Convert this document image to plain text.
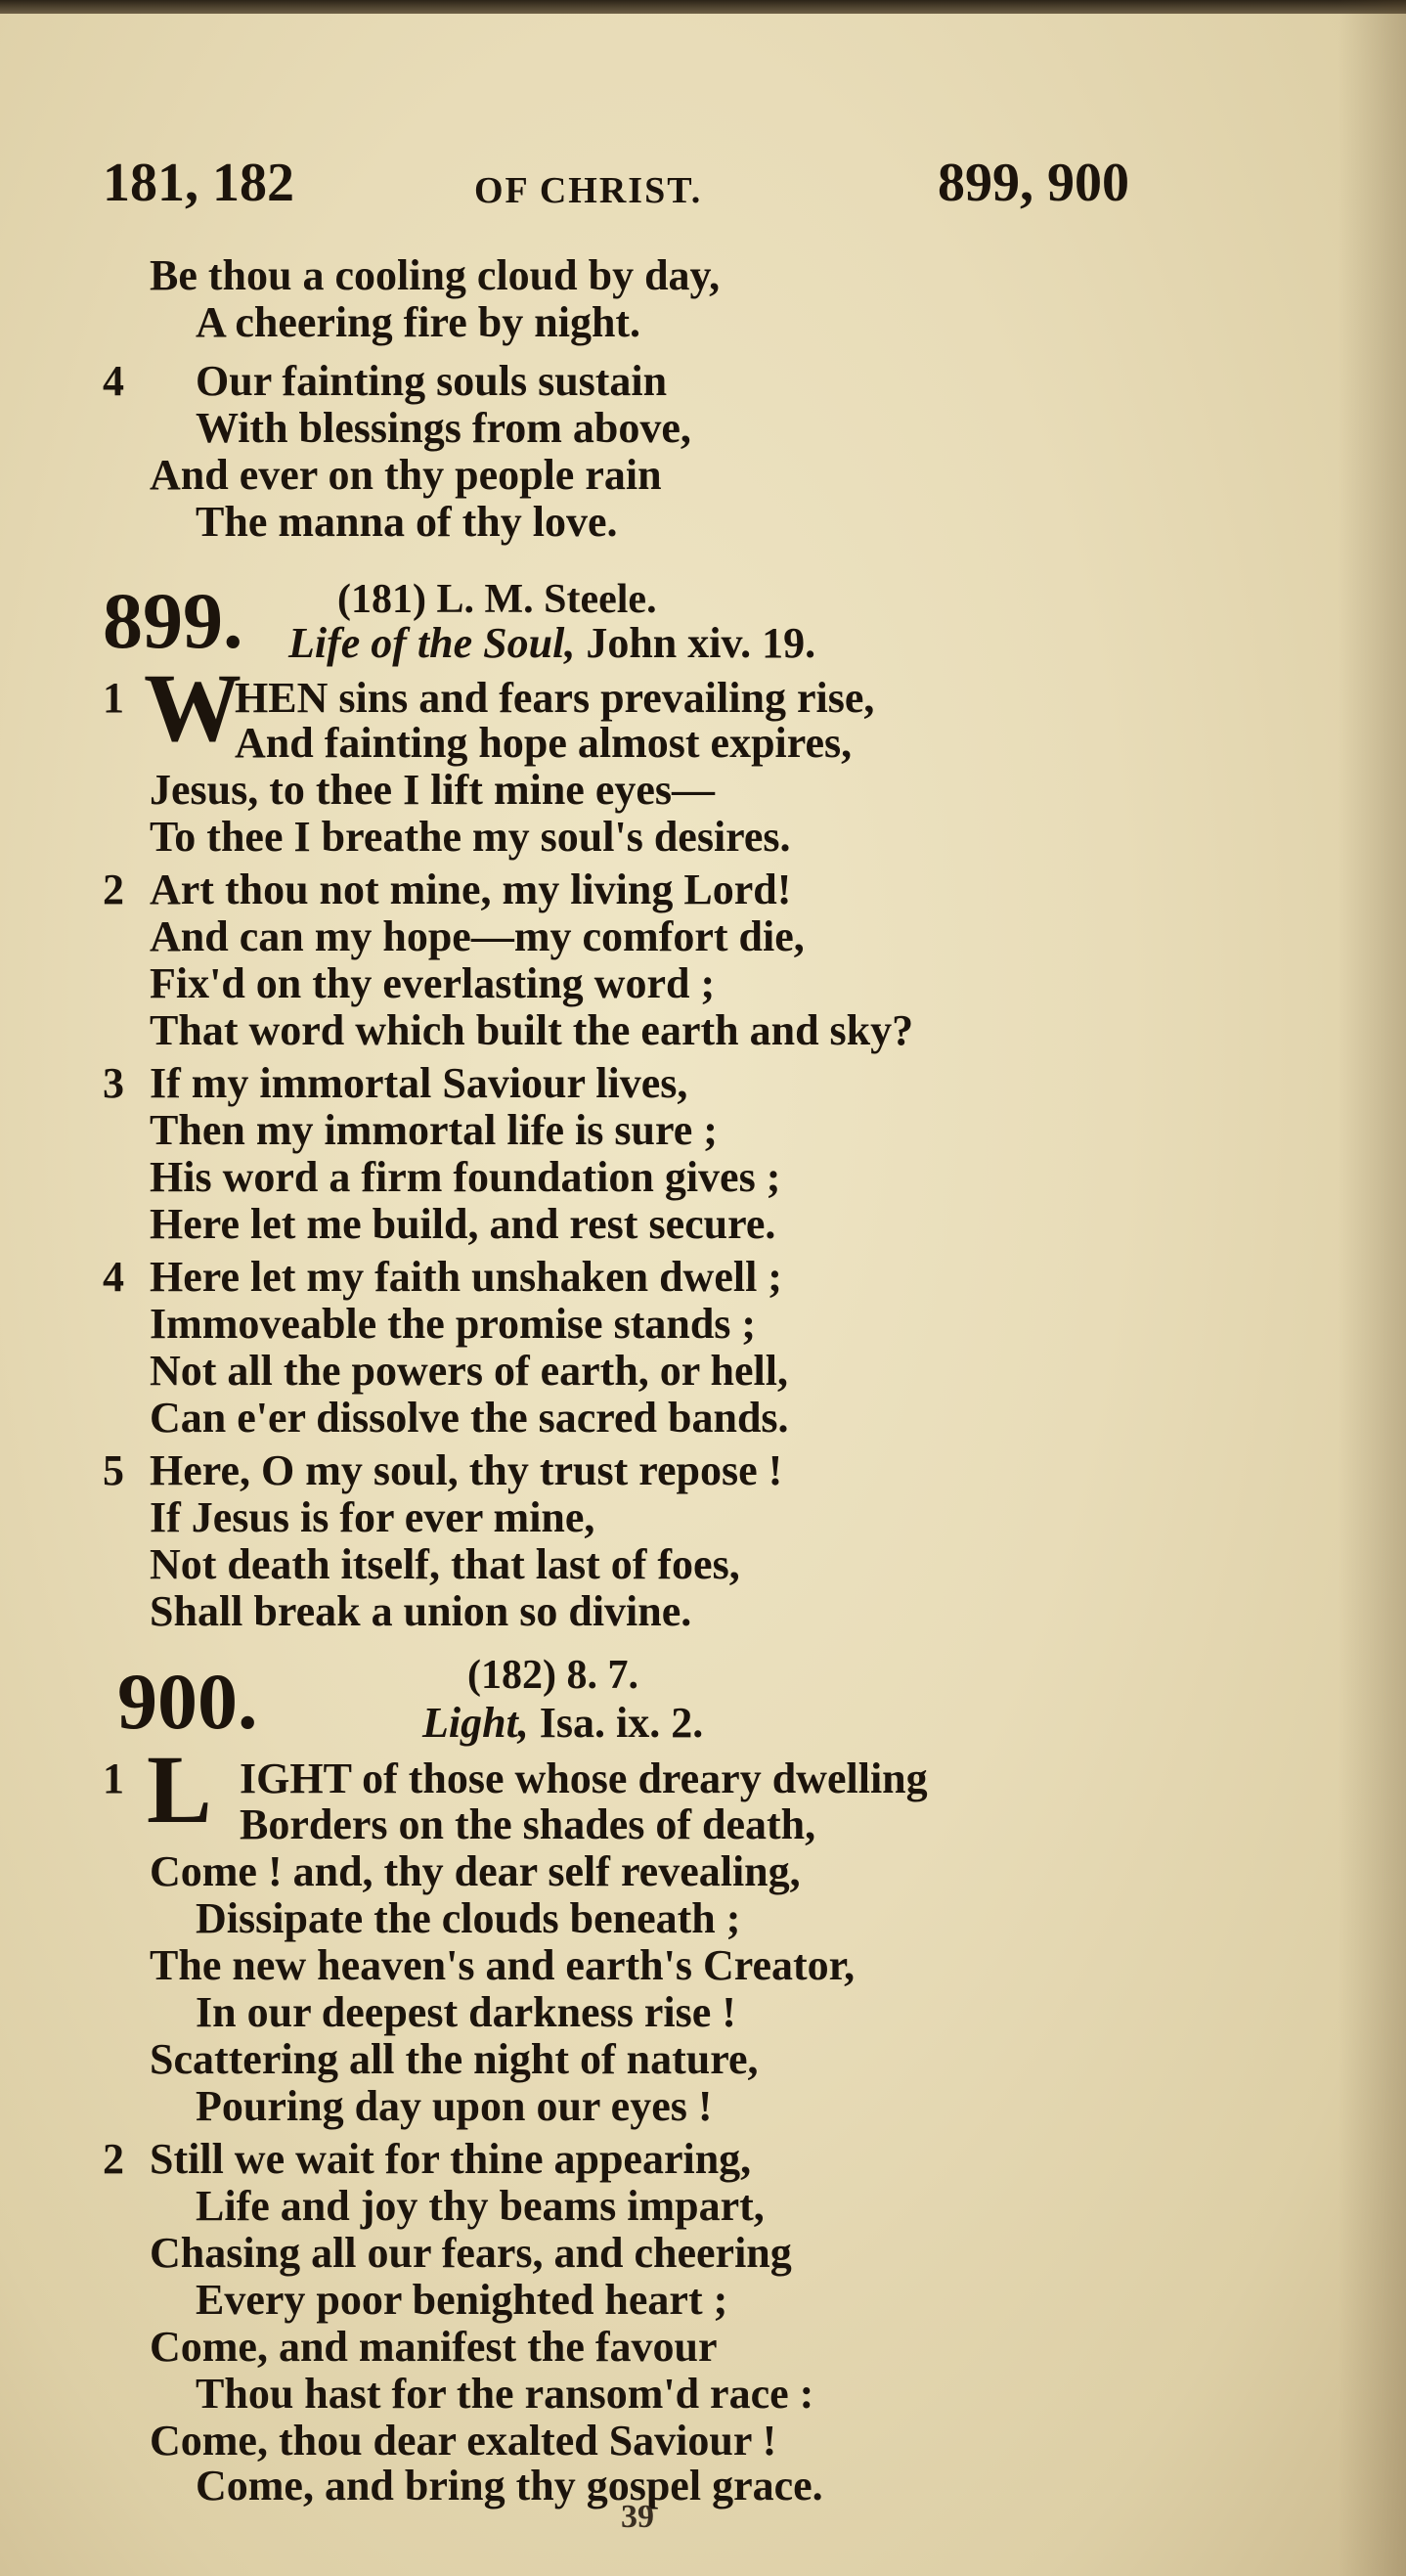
181, 182	OF CHRIST.	899, 900
Be thou a cooling cloud by day,
A cheering fire by night.
4 Our fainting souls sustain
With blessings from above,
And ever on thy people rain
The manna of thy love.
899. (181) L. M. Steele.
Life of the Soul, John xiv. 19.
1 W
HEN sins and fears prevailing rise,
And fainting hope almost expires,
Jesus, to thee I lift mine eyes—
To thee I breathe my soul's desires.
2 Art thou not mine, my living Lord!
And can my hope—my comfort die,
Fix'd on thy everlasting word ;
That word which built the earth and sky?
3 If my immortal Saviour lives,
Then my immortal life is sure ;
His word a firm foundation gives ;
Here let me build, and rest secure.
4 Here let my faith unshaken dwell ;
Immoveable the promise stands ;
Not all the powers of earth, or hell,
Can e'er dissolve the sacred bands.
5 Here, O my soul, thy trust repose !
If Jesus is for ever mine,
Not death itself, that last of foes,
Shall break a union so divine.
900.	(182) 8. 7.
Light, Isa. ix. 2.
1 L IGHT of those whose dreary dwelling
Borders on the shades of death,
Come ! and, thy dear self revealing,
Dissipate the clouds beneath ;
The new heaven's and earth's Creator,
In our deepest darkness rise !
Scattering all the night of nature,
Pouring day upon our eyes !
2 Still we wait for thine appearing,
Life and joy thy beams impart,
Chasing all our fears, and cheering
Every poor benighted heart ;
Come, and manifest the favour
Thou hast for the ransom'd race :
Come, thou dear exalted Saviour !
Come, and bring thy gospel grace.
39
